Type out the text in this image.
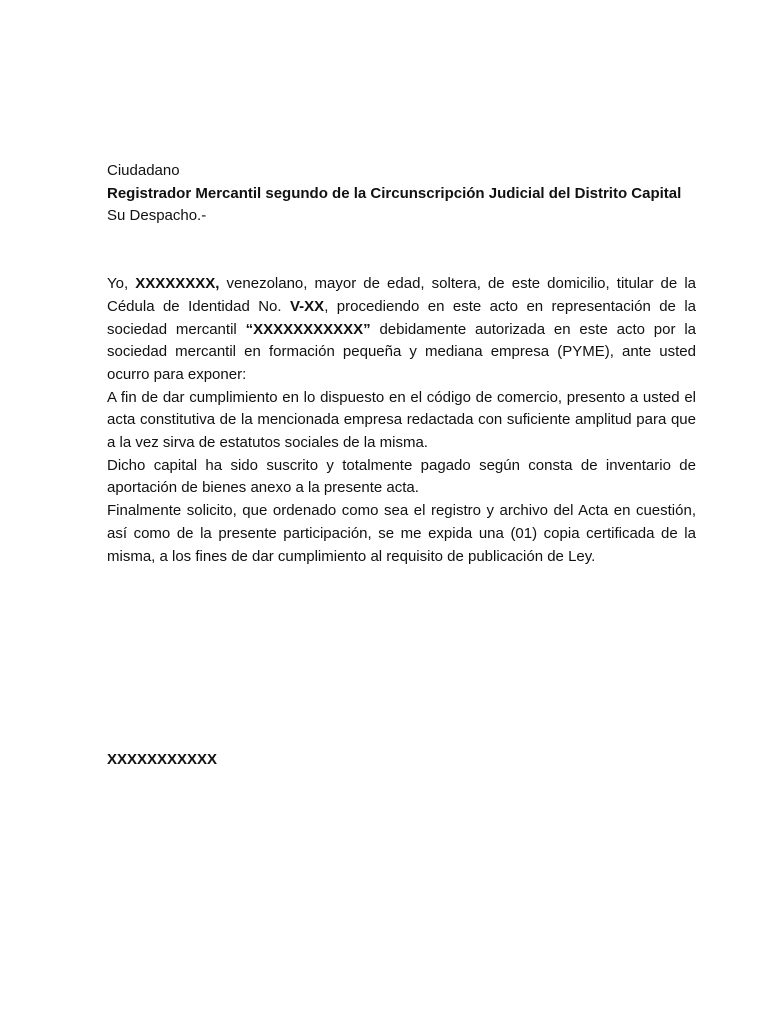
Ciudadano

Registrador Mercantil segundo de la Circunscripción Judicial del Distrito Capital

Su Despacho.-

Yo, XXXXXXXX, venezolano, mayor de edad, soltera, de este domicilio, titular de la Cédula de Identidad No. V-XX, procediendo en este acto en representación de la sociedad mercantil “XXXXXXXXXXX” debidamente autorizada en este acto por la sociedad mercantil en formación pequeña y mediana empresa (PYME), ante usted ocurro para exponer:

A fin de dar cumplimiento en lo dispuesto en el código de comercio, presento a usted el acta constitutiva de la mencionada empresa redactada con suficiente amplitud para que a la vez sirva de estatutos sociales de la misma.

Dicho capital ha sido suscrito y totalmente pagado según consta de inventario de aportación de bienes anexo a la presente acta.

Finalmente solicito, que ordenado como sea el registro y archivo del Acta en cuestión, así como de la presente participación, se me expida una (01) copia certificada de la misma, a los fines de dar cumplimiento al requisito de publicación de Ley.

XXXXXXXXXXX
